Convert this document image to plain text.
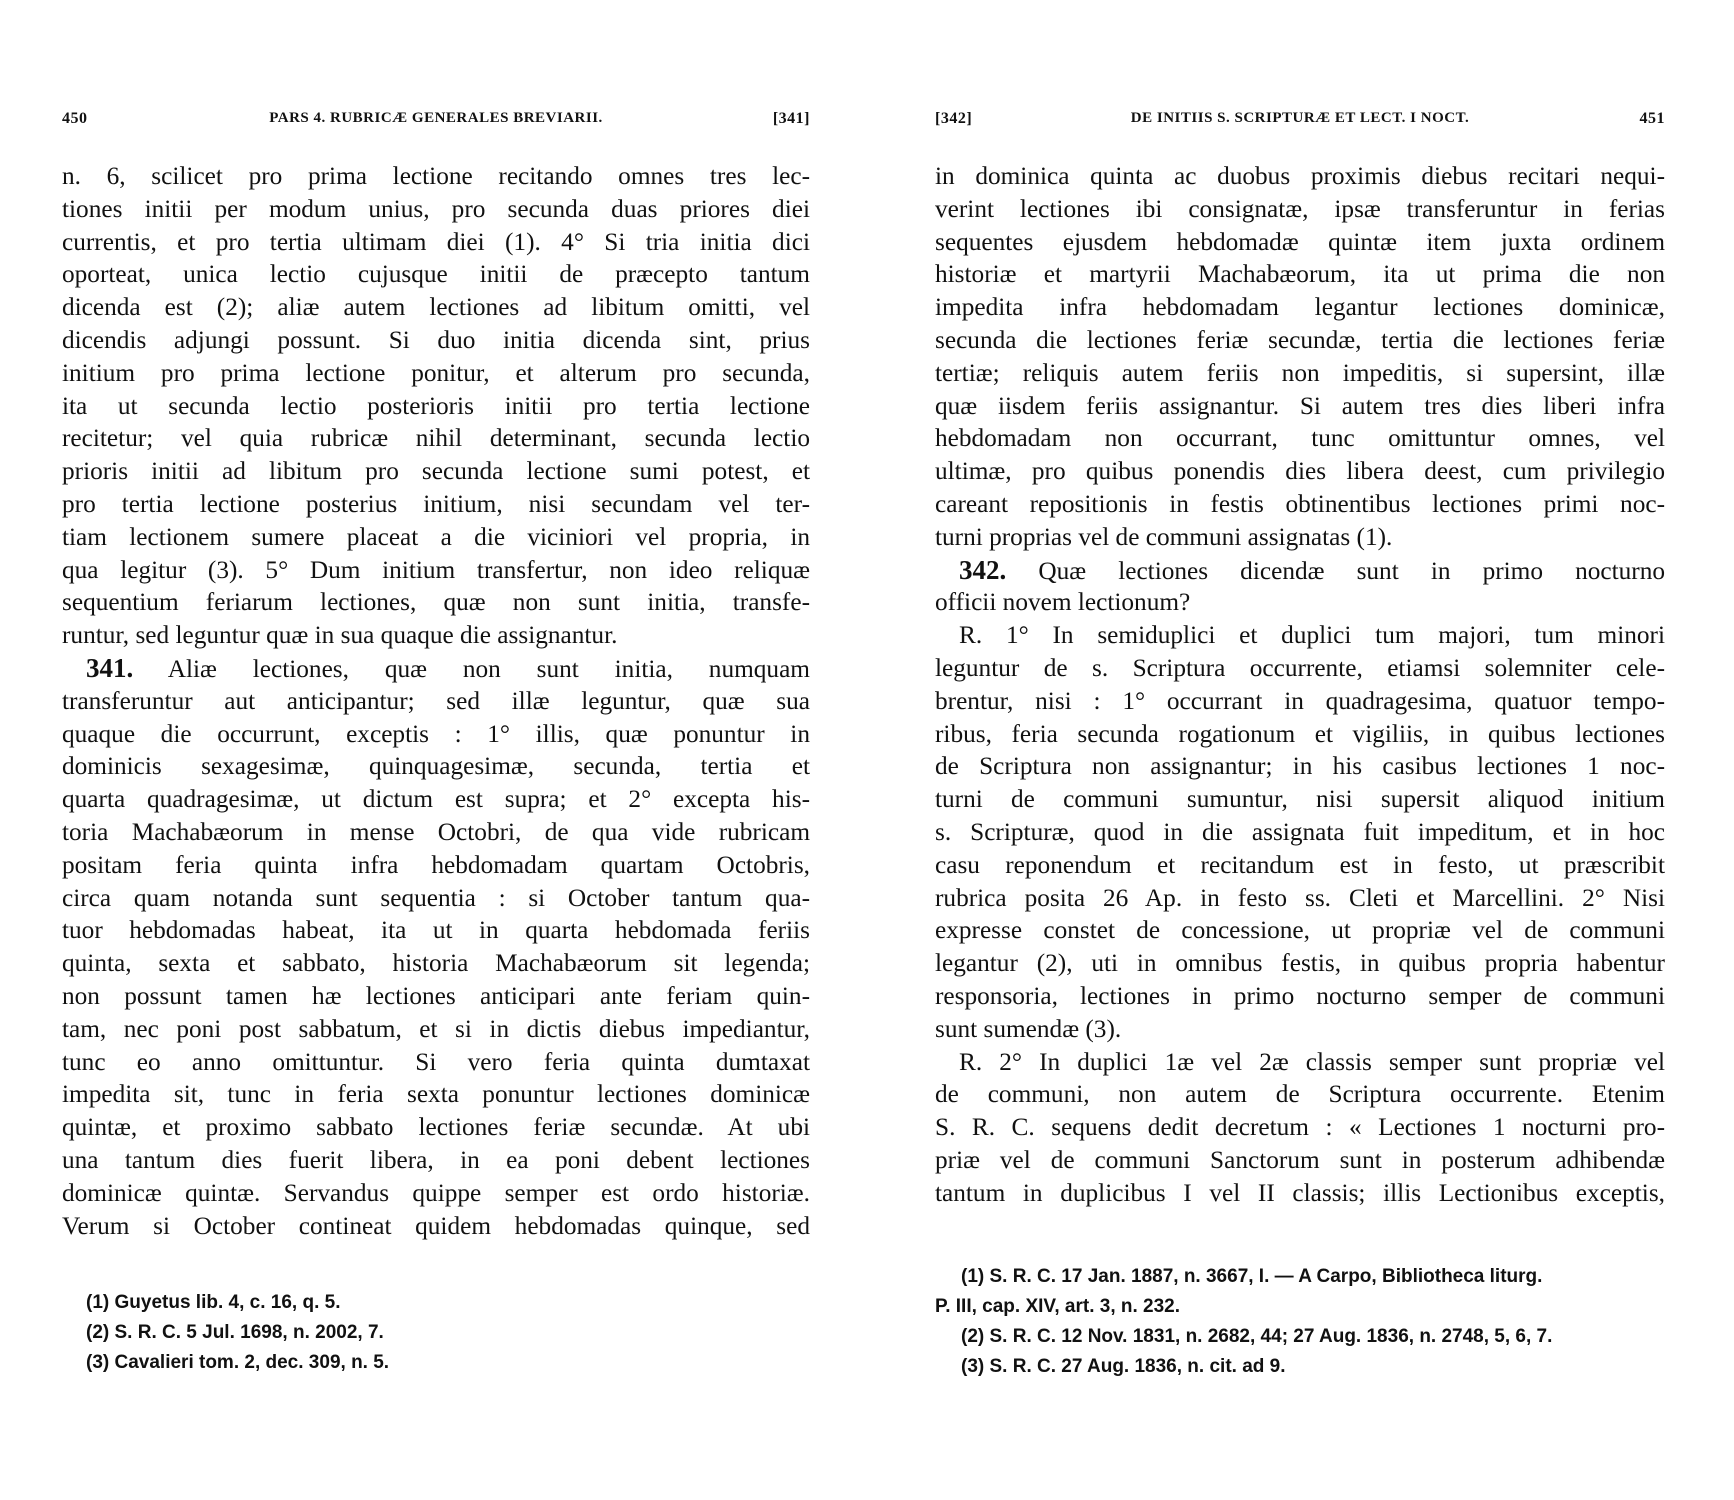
450	PARS 4. RUBRICÆ GENERALES BREVIARII.	[341]
n. 6, scilicet pro prima lectione recitando omnes tres lec-
tiones initii per modum unius, pro secunda duas priores diei
currentis, et pro tertia ultimam diei (1). 4° Si tria initia dici
oporteat, unica lectio cujusque initii de præcepto tantum
dicenda est (2); aliæ autem lectiones ad libitum omitti, vel
dicendis adjungi possunt. Si duo initia dicenda sint, prius
initium pro prima lectione ponitur, et alterum pro secunda,
ita ut secunda lectio posterioris initii pro tertia lectione
recitetur; vel quia rubricæ nihil determinant, secunda lectio
prioris initii ad libitum pro secunda lectione sumi potest, et
pro tertia lectione posterius initium, nisi secundam vel ter-
tiam lectionem sumere placeat a die viciniori vel propria, in
qua legitur (3). 5° Dum initium transfertur, non ideo reliquæ
sequentium feriarum lectiones, quæ non sunt initia, transfe-
runtur, sed leguntur quæ in sua quaque die assignantur.
341. Aliæ lectiones, quæ non sunt initia, numquam
transferuntur aut anticipantur; sed illæ leguntur, quæ sua
quaque die occurrunt, exceptis : 1° illis, quæ ponuntur in
dominicis sexagesimæ, quinquagesimæ, secunda, tertia et
quarta quadragesimæ, ut dictum est supra; et 2° excepta his-
toria Machabæorum in mense Octobri, de qua vide rubricam
positam feria quinta infra hebdomadam quartam Octobris,
circa quam notanda sunt sequentia : si October tantum qua-
tuor hebdomadas habeat, ita ut in quarta hebdomada feriis
quinta, sexta et sabbato, historia Machabæorum sit legenda;
non possunt tamen hæ lectiones anticipari ante feriam quin-
tam, nec poni post sabbatum, et si in dictis diebus impediantur,
tunc eo anno omittuntur. Si vero feria quinta dumtaxat
impedita sit, tunc in feria sexta ponuntur lectiones dominicæ
quintæ, et proximo sabbato lectiones feriæ secundæ. At ubi
una tantum dies fuerit libera, in ea poni debent lectiones
dominicæ quintæ. Servandus quippe semper est ordo historiæ.
Verum si October contineat quidem hebdomadas quinque, sed
(1) Guyetus lib. 4, c. 16, q. 5.
(2) S. R. C. 5 Jul. 1698, n. 2002, 7.
(3) Cavalieri tom. 2, dec. 309, n. 5.
[342]	DE INITIIS S. SCRIPTURÆ ET LECT. I NOCT.	451
in dominica quinta ac duobus proximis diebus recitari nequi-
verint lectiones ibi consignatæ, ipsæ transferuntur in ferias
sequentes ejusdem hebdomadæ quintæ item juxta ordinem
historiæ et martyrii Machabæorum, ita ut prima die non
impedita infra hebdomadam legantur lectiones dominicæ,
secunda die lectiones feriæ secundæ, tertia die lectiones feriæ
tertiæ; reliquis autem feriis non impeditis, si supersint, illæ
quæ iisdem feriis assignantur. Si autem tres dies liberi infra
hebdomadam non occurrant, tunc omittuntur omnes, vel
ultimæ, pro quibus ponendis dies libera deest, cum privilegio
careant repositionis in festis obtinentibus lectiones primi noc-
turni proprias vel de communi assignatas (1).
342. Quæ lectiones dicendæ sunt in primo nocturno
officii novem lectionum?
R. 1° In semiduplici et duplici tum majori, tum minori
leguntur de s. Scriptura occurrente, etiamsi solemniter cele-
brentur, nisi : 1° occurrant in quadragesima, quatuor tempo-
ribus, feria secunda rogationum et vigiliis, in quibus lectiones
de Scriptura non assignantur; in his casibus lectiones 1 noc-
turni de communi sumuntur, nisi supersit aliquod initium
s. Scripturæ, quod in die assignata fuit impeditum, et in hoc
casu reponendum et recitandum est in festo, ut præscribit
rubrica posita 26 Ap. in festo ss. Cleti et Marcellini. 2° Nisi
expresse constet de concessione, ut propriæ vel de communi
legantur (2), uti in omnibus festis, in quibus propria habentur
responsoria, lectiones in primo nocturno semper de communi
sunt sumendæ (3).
R. 2° In duplici 1æ vel 2æ classis semper sunt propriæ vel
de communi, non autem de Scriptura occurrente. Etenim
S. R. C. sequens dedit decretum : « Lectiones 1 nocturni pro-
priæ vel de communi Sanctorum sunt in posterum adhibendæ
tantum in duplicibus I vel II classis; illis Lectionibus exceptis,
(1) S. R. C. 17 Jan. 1887, n. 3667, I. — A Carpo, Bibliotheca liturg.
P. III, cap. XIV, art. 3, n. 232.
(2) S. R. C. 12 Nov. 1831, n. 2682, 44; 27 Aug. 1836, n. 2748, 5, 6, 7.
(3) S. R. C. 27 Aug. 1836, n. cit. ad 9.
